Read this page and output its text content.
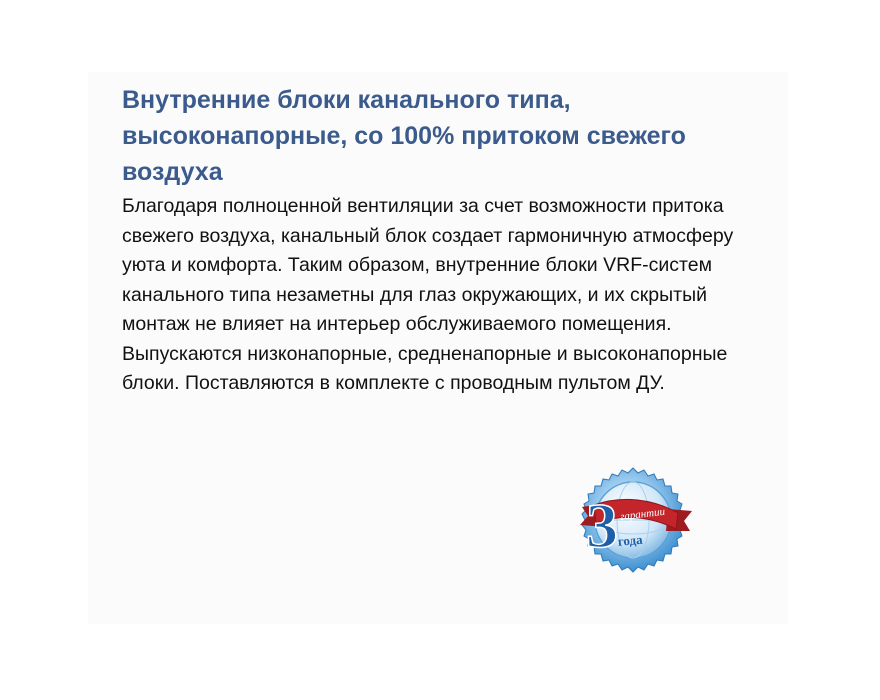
Внутренние блоки канального типа, высоконапорные, со 100% притоком свежего воздуха

Благодаря полноценной вентиляции за счет возможности притока свежего воздуха, канальный блок создает гармоничную атмосферу уюта и комфорта. Таким образом, внутренние блоки VRF-систем канального типа незаметны для глаз окружающих, и их скрытый монтаж не влияет на интерьер обслуживаемого помещения. Выпускаются низконапорные, средненапорные и высоконапорные блоки. Поставляются в комплекте с проводным пультом ДУ.

3 гарантии
года
